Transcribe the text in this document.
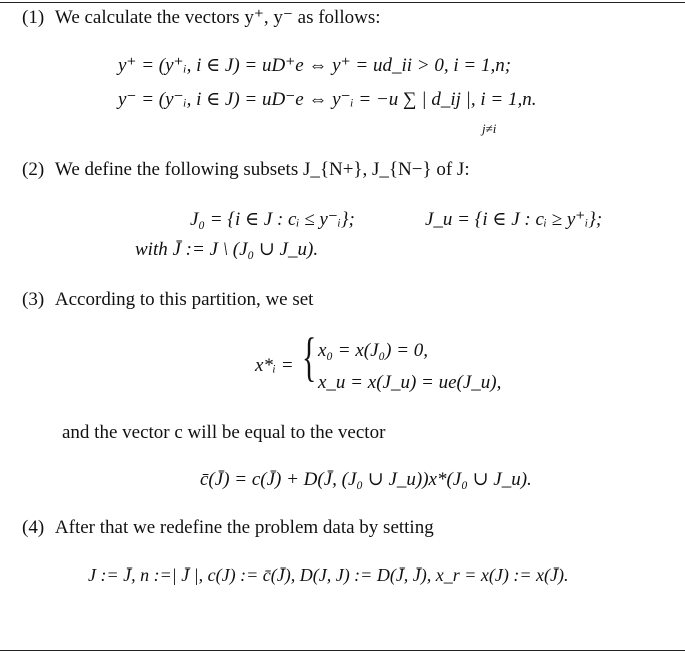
(1) We calculate the vectors y⁺, y⁻ as follows:
y⁺ = (y⁺ᵢ, i ∈ J) = uD⁺e ⇔ y⁺ = ud_ii > 0, i = 1,n;
y⁻ = (y⁻ᵢ, i ∈ J) = uD⁻e ⇔ y⁻ᵢ = −u ∑ | d_ij |, i = 1,n.
j≠i
(2) We define the following subsets J_{N+}, J_{N−} of J:
J₀ = {i ∈ J : cᵢ ≤ y⁻ᵢ};	J_u = {i ∈ J : cᵢ ≥ y⁺ᵢ};
with J̄ := J \ (J₀ ∪ J_u).
(3) According to this partition, we set
x*ᵢ = { x₀ = x(J₀) = 0,
x_u = x(J_u) = ue(J_u),
and the vector c will be equal to the vector
c̄(J̄) = c(J̄) + D(J̄, (J₀ ∪ J_u))x*(J₀ ∪ J_u).
(4) After that we redefine the problem data by setting
J := J̄, n :=| J̄ |, c(J) := c̄(J̄), D(J, J) := D(J̄, J̄), x_r = x(J) := x(J̄).
